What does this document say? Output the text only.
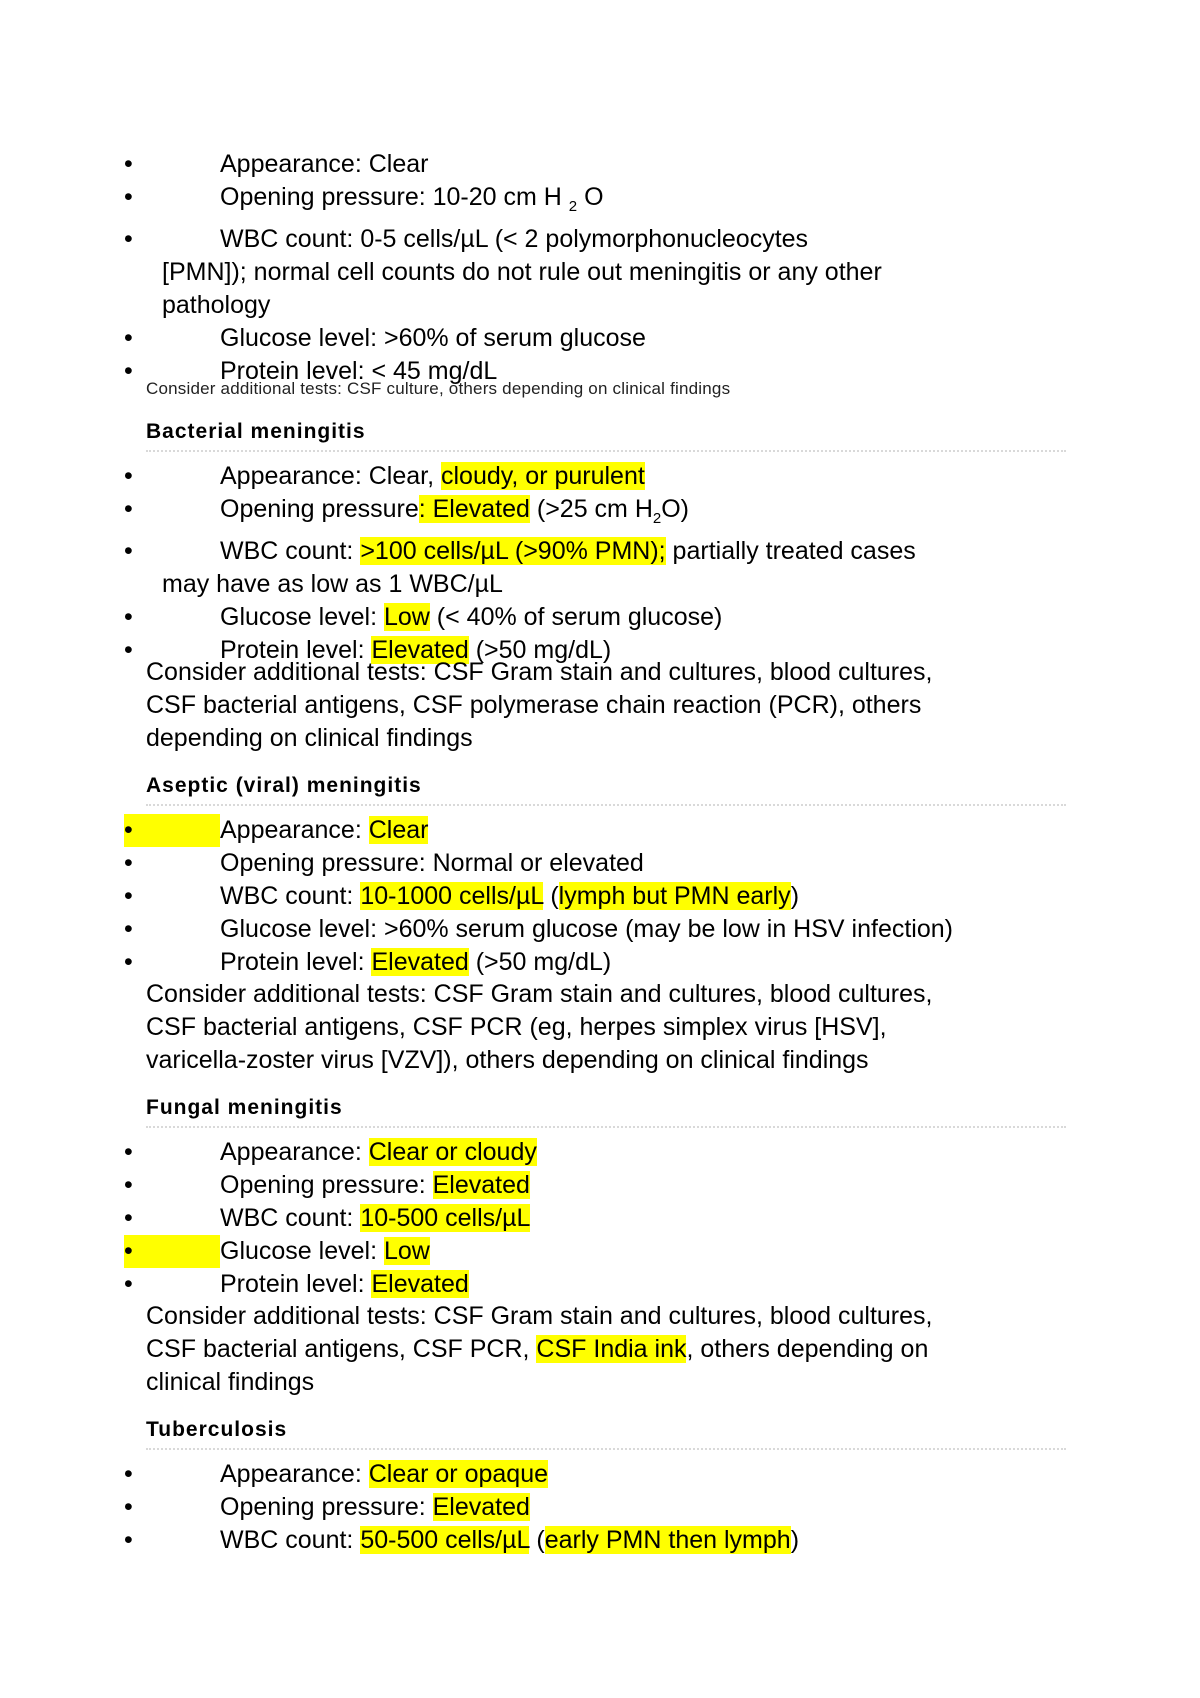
•	Appearance: Clear
•	Opening pressure: 10-20 cm H $_2$ O
•	WBC count: 0-5 cells/µL (< 2 polymorphonucleocytes
[PMN]); normal cell counts do not rule out meningitis or any other
pathology
•	Glucose level: >60% of serum glucose
•	Protein level: < 45 mg/dL
Consider additional tests: CSF culture, others depending on clinical findings
Bacterial meningitis
•	Appearance: Clear, cloudy, or purulent
•	Opening pressure: Elevated (>25 cm $H_2O$)
•	WBC count: >100 cells/µL (>90% PMN); partially treated cases
may have as low as 1 WBC/µL
•	Glucose level: Low (< 40% of serum glucose)
•	Protein level: Elevated (>50 mg/dL)
Consider additional tests: CSF Gram stain and cultures, blood cultures,
CSF bacterial antigens, CSF polymerase chain reaction (PCR), others
depending on clinical findings
Aseptic (viral) meningitis
•	Appearance: Clear
•	Opening pressure: Normal or elevated
•	WBC count: 10-1000 cells/µL (lymph but PMN early)
•	Glucose level: >60% serum glucose (may be low in HSV infection)
•	Protein level: Elevated (>50 mg/dL)
Consider additional tests: CSF Gram stain and cultures, blood cultures,
CSF bacterial antigens, CSF PCR (eg, herpes simplex virus [HSV],
varicella-zoster virus [VZV]), others depending on clinical findings
Fungal meningitis
•	Appearance: Clear or cloudy
•	Opening pressure: Elevated
•	WBC count: 10-500 cells/µL
•	Glucose level: Low
•	Protein level: Elevated
Consider additional tests: CSF Gram stain and cultures, blood cultures,
CSF bacterial antigens, CSF PCR, CSF India ink, others depending on
clinical findings
Tuberculosis
•	Appearance: Clear or opaque
•	Opening pressure: Elevated
•	WBC count: 50-500 cells/µL (early PMN then lymph)
